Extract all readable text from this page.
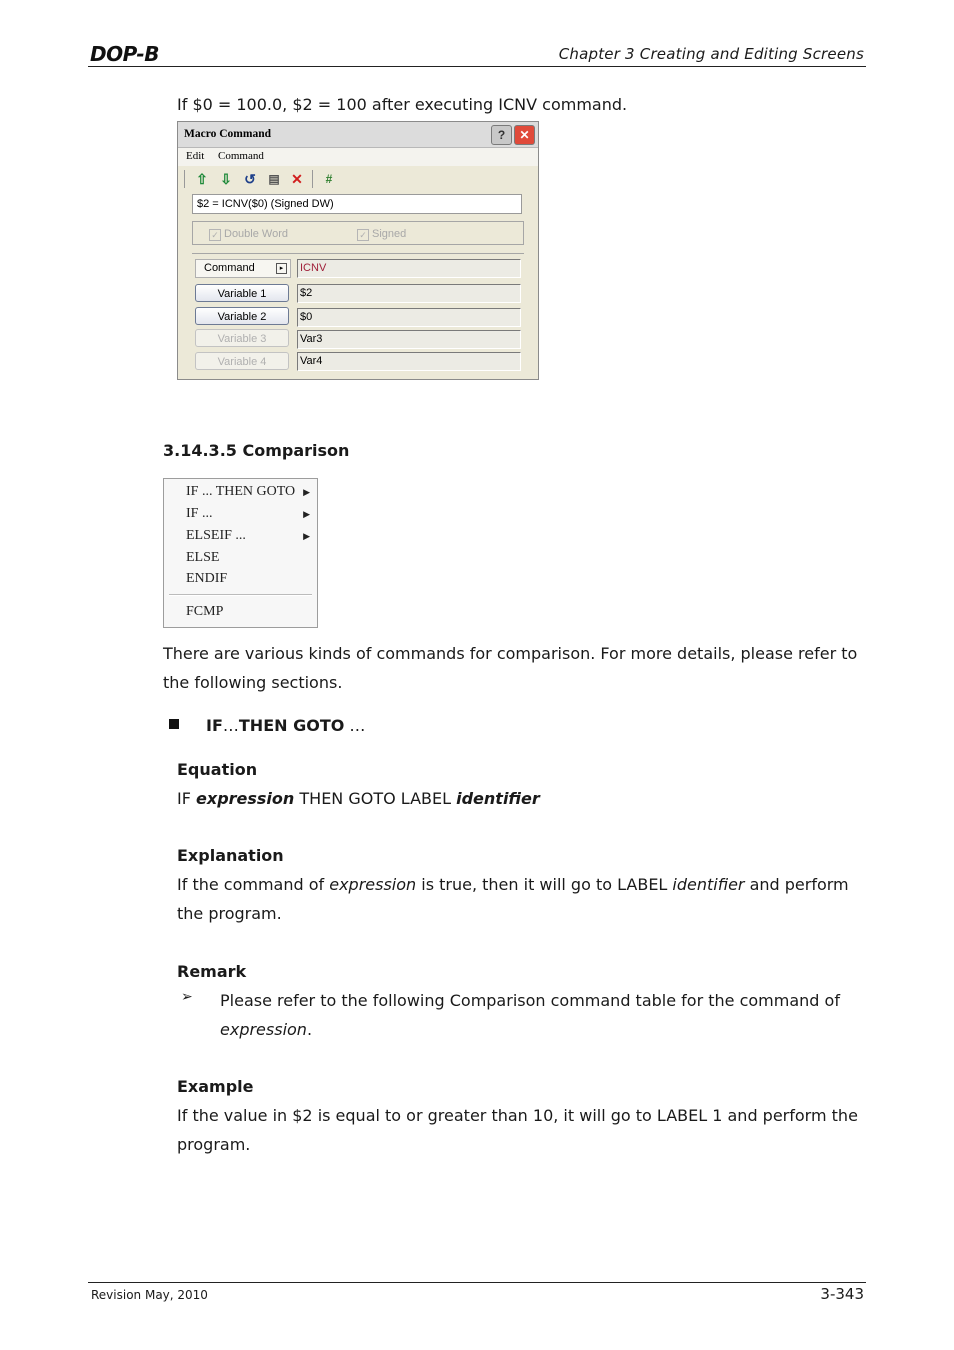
DOP-B	Chapter 3 Creating and Editing Screens
If $0 = 100.0, $2 = 100 after executing ICNV command.
Macro Command	?	✕
Edit Command
⇧ ⇩ ↺ ▤ ✕	#
$2 = ICNV($0) (Signed DW)
✓ Double Word	✓ Signed
Command	▸	ICNV
Variable 1	$2
Variable 2	$0
Variable 3	Var3
Variable 4	Var4
3.14.3.5 Comparison
IF ... THEN GOTO ▶
IF ...	▶
ELSEIF ...	▶
ELSE
ENDIF
FCMP
There are various kinds of commands for comparison. For more details, please refer to
the following sections.
IF…THEN GOTO …
Equation
IF expression THEN GOTO LABEL identifier
Explanation
If the command of expression is true, then it will go to LABEL identifier and perform
the program.
Remark
➢ Please refer to the following Comparison command table for the command of
expression.
Example
If the value in $2 is equal to or greater than 10, it will go to LABEL 1 and perform the
program.
Revision May, 2010	3-343
